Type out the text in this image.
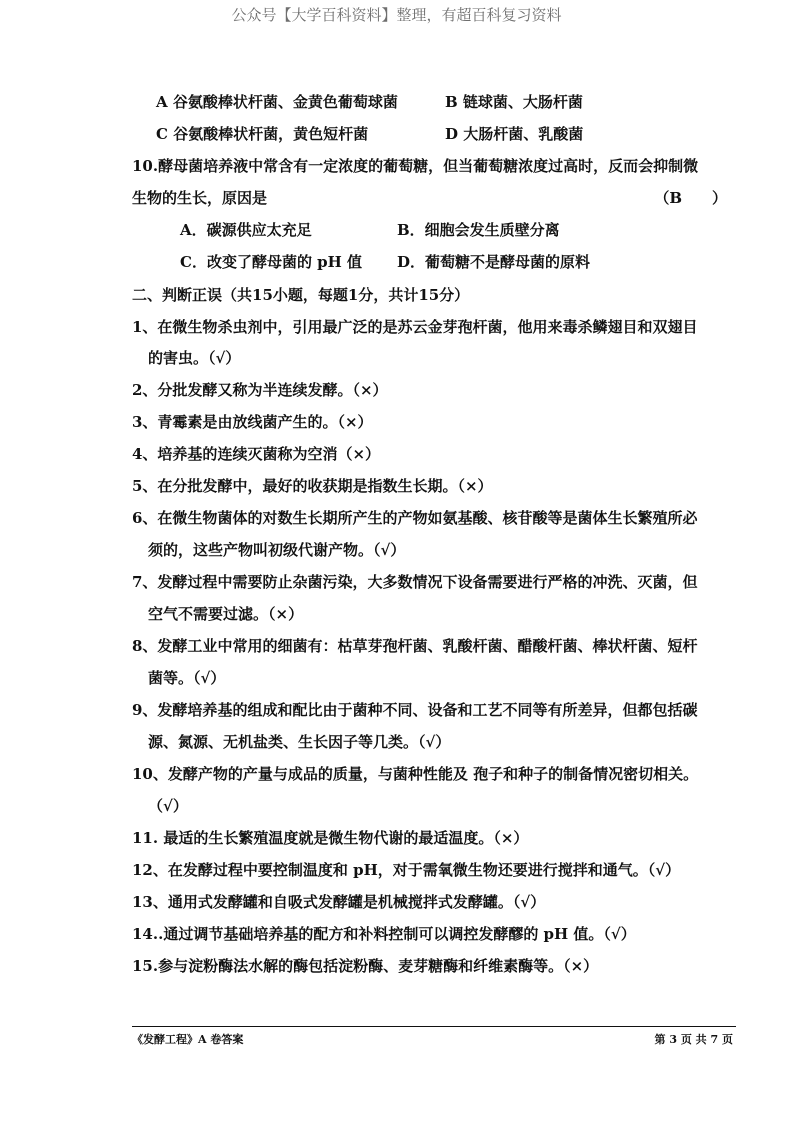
公众号【大学百科资料】整理，有超百科复习资料
A 谷氨酸棒状杆菌、金黄色葡萄球菌	B 链球菌、大肠杆菌
C 谷氨酸棒状杆菌，黄色短杆菌	D 大肠杆菌、乳酸菌
10.酵母菌培养液中常含有一定浓度的葡萄糖，但当葡萄糖浓度过高时，反而会抑制微
生物的生长，原因是	（B　　）
A．碳源供应太充足	B．细胞会发生质壁分离
C．改变了酵母菌的 pH 值 D．葡萄糖不是酵母菌的原料
二、判断正误（共15小题，每题1分，共计15分）
1、在微生物杀虫剂中，引用最广泛的是苏云金芽孢杆菌，他用来毒杀鳞翅目和双翅目
的害虫。（√）
2、分批发酵又称为半连续发酵。（×）
3、青霉素是由放线菌产生的。（×）
4、培养基的连续灭菌称为空消（×）
5、在分批发酵中，最好的收获期是指数生长期。（×）
6、在微生物菌体的对数生长期所产生的产物如氨基酸、核苷酸等是菌体生长繁殖所必
须的，这些产物叫初级代谢产物。（√）
7、发酵过程中需要防止杂菌污染，大多数情况下设备需要进行严格的冲洗、灭菌，但
空气不需要过滤。（×）
8、发酵工业中常用的细菌有：枯草芽孢杆菌、乳酸杆菌、醋酸杆菌、棒状杆菌、短杆
菌等。（√）
9、发酵培养基的组成和配比由于菌种不同、设备和工艺不同等有所差异，但都包括碳
源、氮源、无机盐类、生长因子等几类。（√）
10、发酵产物的产量与成品的质量，与菌种性能及 孢子和种子的制备情况密切相关。
（√）
11. 最适的生长繁殖温度就是微生物代谢的最适温度。（×）
12、在发酵过程中要控制温度和 pH，对于需氧微生物还要进行搅拌和通气。（√）
13、通用式发酵罐和自吸式发酵罐是机械搅拌式发酵罐。（√）
14..通过调节基础培养基的配方和补料控制可以调控发酵醪的 pH 值。（√）
15.参与淀粉酶法水解的酶包括淀粉酶、麦芽糖酶和纤维素酶等。（×）
《发酵工程》A 卷答案	第 3 页 共 7 页
